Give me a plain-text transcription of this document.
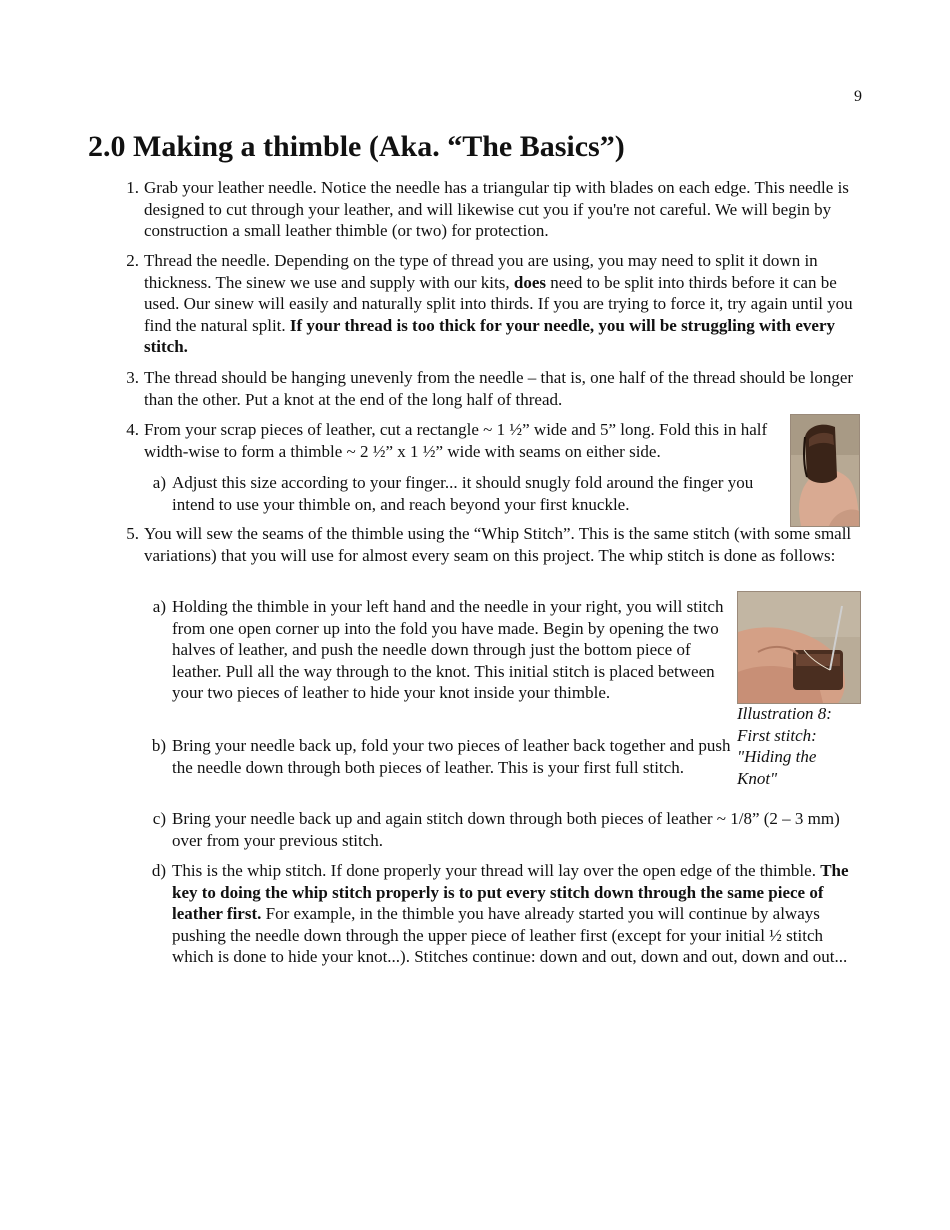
9
2.0 Making a thimble (Aka. “The Basics”)
1. Grab your leather needle. Notice the needle has a triangular tip with blades on each edge. This needle is designed to cut through your leather, and will likewise cut you if you're not careful. We will begin by construction a small leather thimble (or two) for protection.
2. Thread the needle. Depending on the type of thread you are using, you may need to split it down in thickness. The sinew we use and supply with our kits, does need to be split into thirds before it can be used. Our sinew will easily and naturally split into thirds. If you are trying to force it, try again until you find the natural split. If your thread is too thick for your needle, you will be struggling with every stitch.
3. The thread should be hanging unevenly from the needle – that is, one half of the thread should be longer than the other. Put a knot at the end of the long half of thread.
4. From your scrap pieces of leather, cut a rectangle ~ 1 ½” wide and 5” long. Fold this in half width-wise to form a thimble ~ 2 ½” x 1 ½” wide with seams on either side.
a) Adjust this size according to your finger... it should snugly fold around the finger you intend to use your thimble on, and reach beyond your first knuckle.
5. You will sew the seams of the thimble using the “Whip Stitch”. This is the same stitch (with some small variations) that you will use for almost every seam on this project. The whip stitch is done as follows:
a) Holding the thimble in your left hand and the needle in your right, you will stitch from one open corner up into the fold you have made. Begin by opening the two halves of leather, and push the needle down through just the bottom piece of leather. Pull all the way through to the knot. This initial stitch is placed between your two pieces of leather to hide your knot inside your thimble.
Illustration 8: First stitch: "Hiding the Knot"
b) Bring your needle back up, fold your two pieces of leather back together and push the needle down through both pieces of leather. This is your first full stitch.
c) Bring your needle back up and again stitch down through both pieces of leather ~ 1/8” (2 – 3 mm) over from your previous stitch.
d) This is the whip stitch. If done properly your thread will lay over the open edge of the thimble. The key to doing the whip stitch properly is to put every stitch down through the same piece of leather first. For example, in the thimble you have already started you will continue by always pushing the needle down through the upper piece of leather first (except for your initial ½ stitch which is done to hide your knot...). Stitches continue: down and out, down and out, down and out...
